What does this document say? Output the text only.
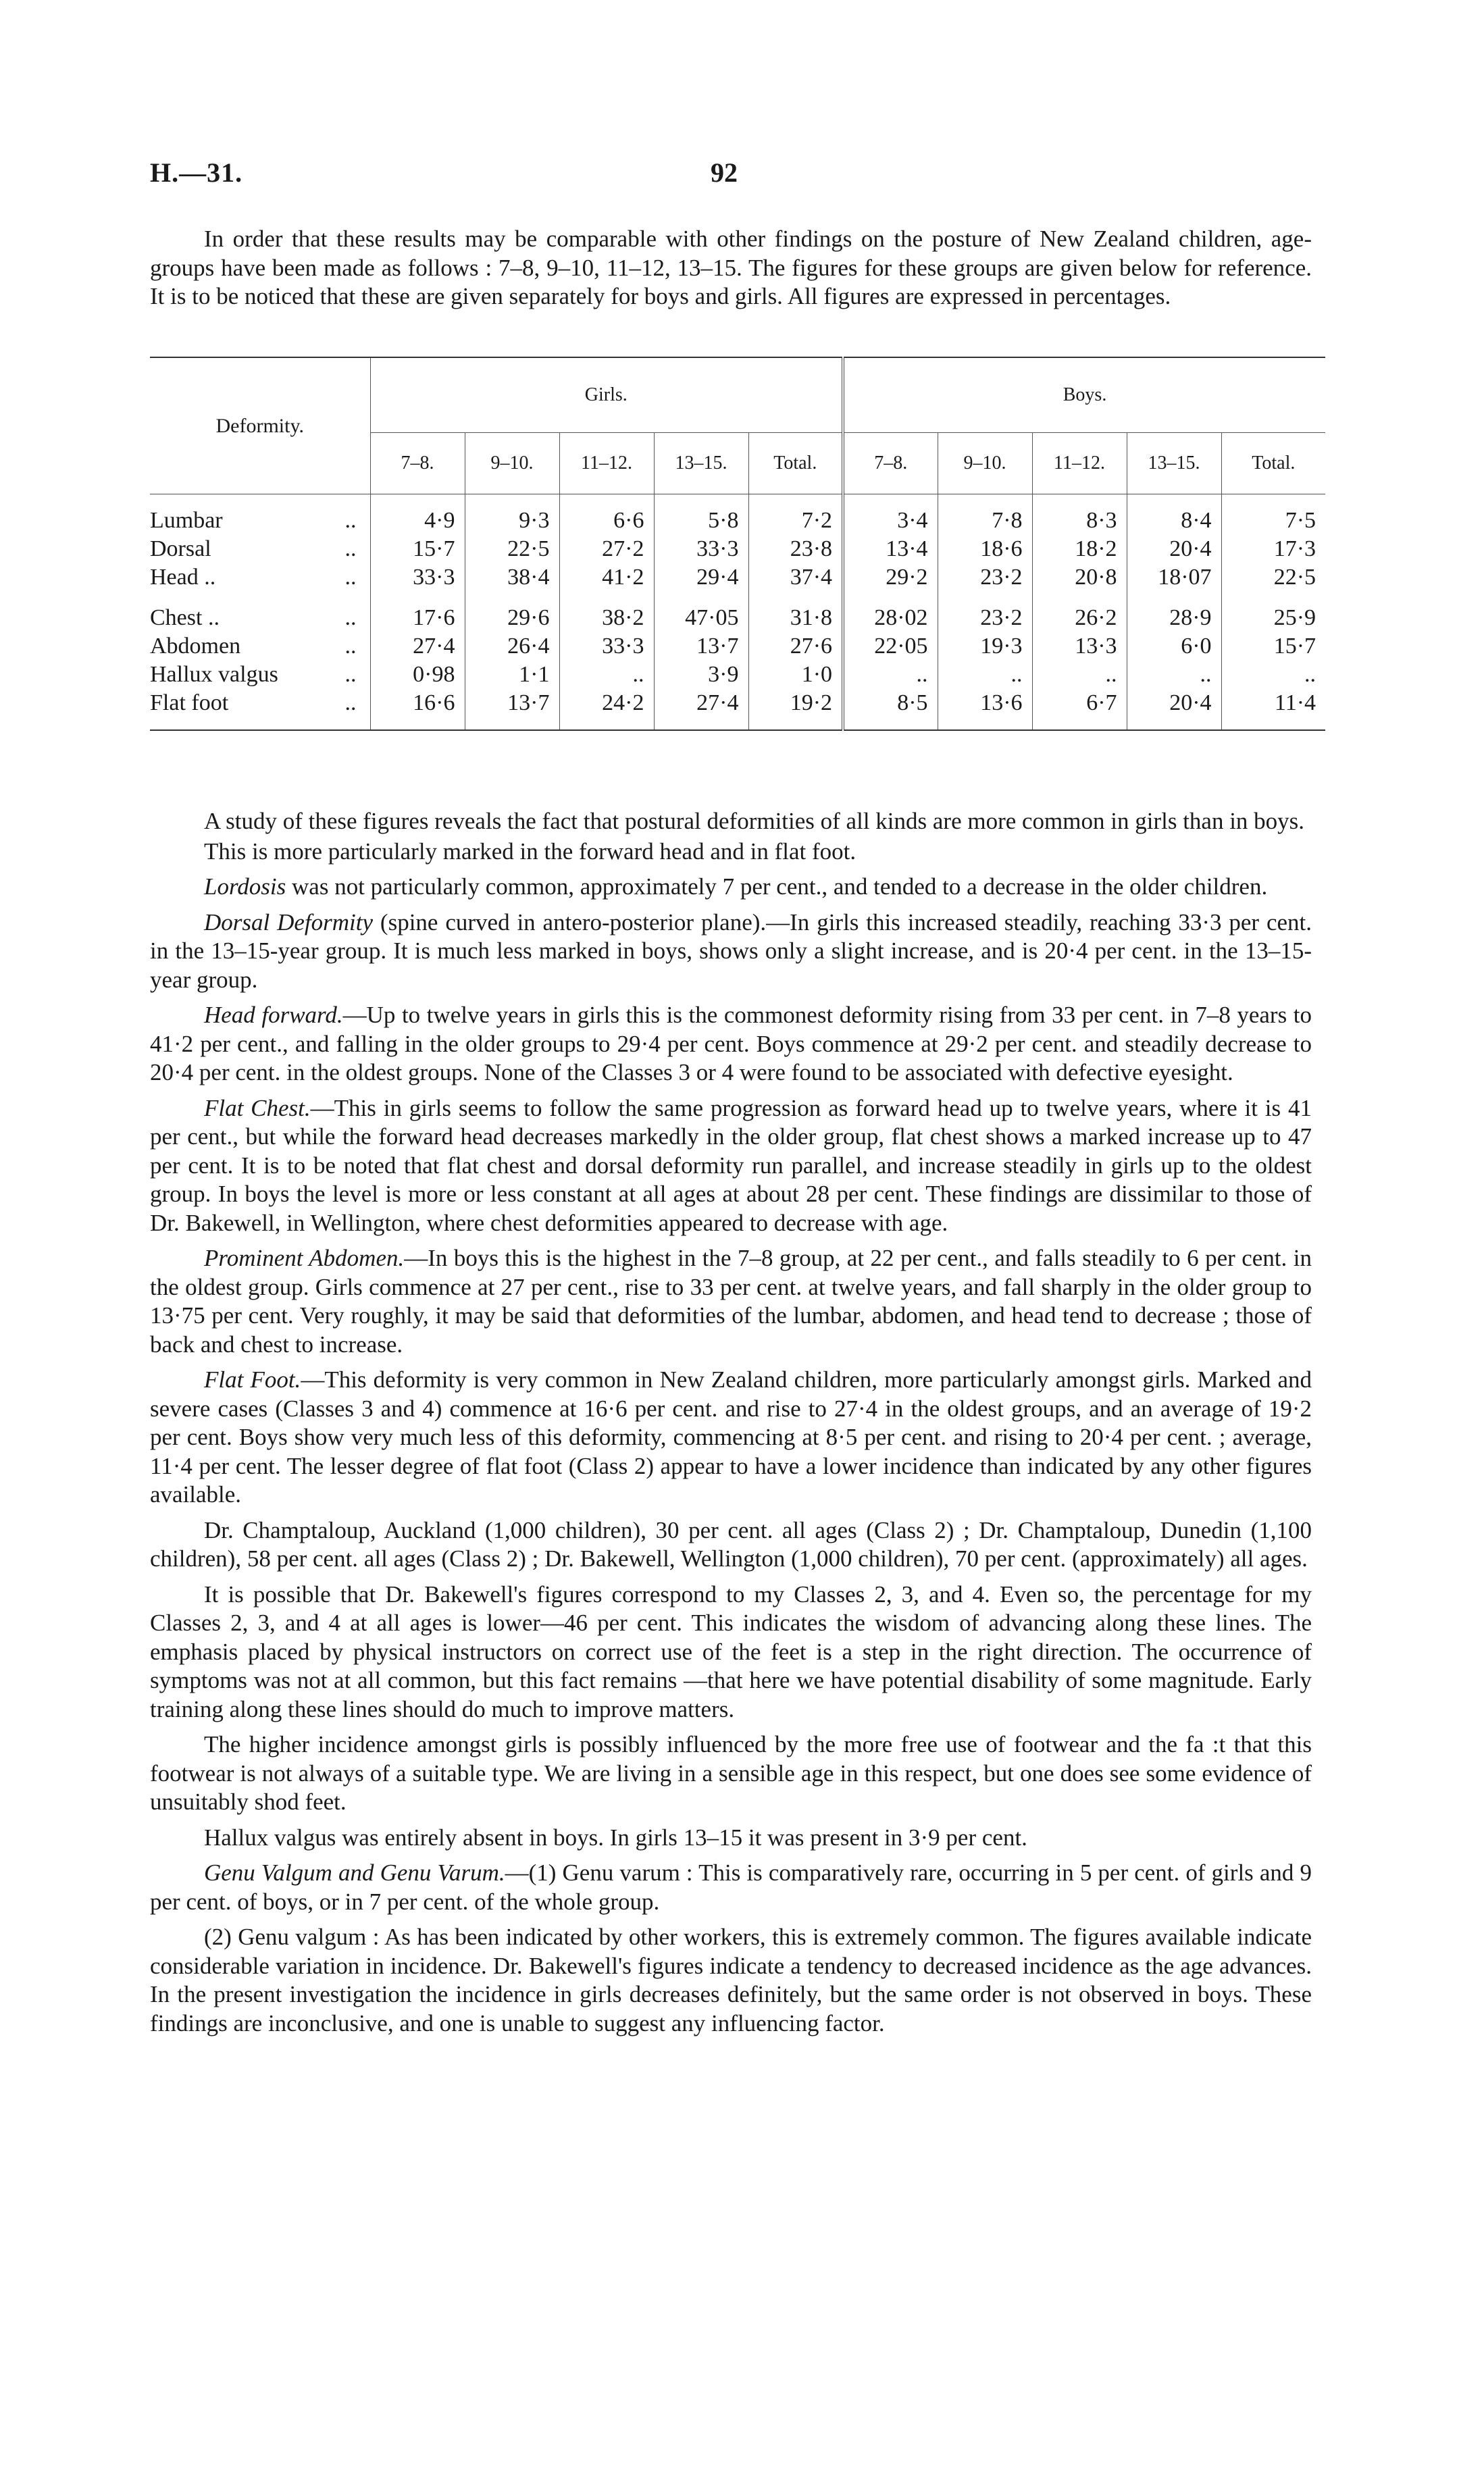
H.—31.	92

In order that these results may be comparable with other findings on the posture of New Zealand children, age-groups have been made as follows : 7–8, 9–10, 11–12, 13–15. The figures for these groups are given below for reference. It is to be noticed that these are given separately for boys and girls. All figures are expressed in percentages.

Deformity.	Girls.					Boys.				
	7–8.	9–10.	11–12.	13–15.	Total.	7–8.	9–10.	11–12.	13–15.	Total.

Lumbar ..	4·9	9·3	6·6	5·8	7·2	3·4	7·8	8·3	8·4	7·5
Dorsal ..	15·7	22·5	27·2	33·3	23·8	13·4	18·6	18·2	20·4	17·3
Head .. ..	33·3	38·4	41·2	29·4	37·4	29·2	23·2	20·8	18·07	22·5

Chest .. ..	17·6	29·6	38·2	47·05	31·8	28·02	23·2	26·2	28·9	25·9
Abdomen ..	27·4	26·4	33·3	13·7	27·6	22·05	19·3	13·3	6·0	15·7
Hallux valgus ..	0·98	1·1	..	3·9	1·0	..	..	..	..	..
Flat foot ..	16·6	13·7	24·2	27·4	19·2	8·5	13·6	6·7	20·4	11·4

A study of these figures reveals the fact that postural deformities of all kinds are more common in girls than in boys.

This is more particularly marked in the forward head and in flat foot.

Lordosis was not particularly common, approximately 7 per cent., and tended to a decrease in the older children.

Dorsal Deformity (spine curved in antero-posterior plane).—In girls this increased steadily, reaching 33·3 per cent. in the 13–15-year group. It is much less marked in boys, shows only a slight increase, and is 20·4 per cent. in the 13–15-year group.

Head forward.—Up to twelve years in girls this is the commonest deformity rising from 33 per cent. in 7–8 years to 41·2 per cent., and falling in the older groups to 29·4 per cent. Boys commence at 29·2 per cent. and steadily decrease to 20·4 per cent. in the oldest groups. None of the Classes 3 or 4 were found to be associated with defective eyesight.

Flat Chest.—This in girls seems to follow the same progression as forward head up to twelve years, where it is 41 per cent., but while the forward head decreases markedly in the older group, flat chest shows a marked increase up to 47 per cent. It is to be noted that flat chest and dorsal deformity run parallel, and increase steadily in girls up to the oldest group. In boys the level is more or less constant at all ages at about 28 per cent. These findings are dissimilar to those of Dr. Bakewell, in Wellington, where chest deformities appeared to decrease with age.

Prominent Abdomen.—In boys this is the highest in the 7–8 group, at 22 per cent., and falls steadily to 6 per cent. in the oldest group. Girls commence at 27 per cent., rise to 33 per cent. at twelve years, and fall sharply in the older group to 13·75 per cent. Very roughly, it may be said that deformities of the lumbar, abdomen, and head tend to decrease ; those of back and chest to increase.

Flat Foot.—This deformity is very common in New Zealand children, more particularly amongst girls. Marked and severe cases (Classes 3 and 4) commence at 16·6 per cent. and rise to 27·4 in the oldest groups, and an average of 19·2 per cent. Boys show very much less of this deformity, commencing at 8·5 per cent. and rising to 20·4 per cent. ; average, 11·4 per cent. The lesser degree of flat foot (Class 2) appear to have a lower incidence than indicated by any other figures available.

Dr. Champtaloup, Auckland (1,000 children), 30 per cent. all ages (Class 2) ; Dr. Champtaloup, Dunedin (1,100 children), 58 per cent. all ages (Class 2) ; Dr. Bakewell, Wellington (1,000 children), 70 per cent. (approximately) all ages.

It is possible that Dr. Bakewell's figures correspond to my Classes 2, 3, and 4. Even so, the percentage for my Classes 2, 3, and 4 at all ages is lower—46 per cent. This indicates the wisdom of advancing along these lines. The emphasis placed by physical instructors on correct use of the feet is a step in the right direction. The occurrence of symptoms was not at all common, but this fact remains —that here we have potential disability of some magnitude. Early training along these lines should do much to improve matters.

The higher incidence amongst girls is possibly influenced by the more free use of footwear and the fa :t that this footwear is not always of a suitable type. We are living in a sensible age in this respect, but one does see some evidence of unsuitably shod feet.

Hallux valgus was entirely absent in boys. In girls 13–15 it was present in 3·9 per cent.

Genu Valgum and Genu Varum.—(1) Genu varum : This is comparatively rare, occurring in 5 per cent. of girls and 9 per cent. of boys, or in 7 per cent. of the whole group.

(2) Genu valgum : As has been indicated by other workers, this is extremely common. The figures available indicate considerable variation in incidence. Dr. Bakewell's figures indicate a tendency to decreased incidence as the age advances. In the present investigation the incidence in girls decreases definitely, but the same order is not observed in boys. These findings are inconclusive, and one is unable to suggest any influencing factor.
